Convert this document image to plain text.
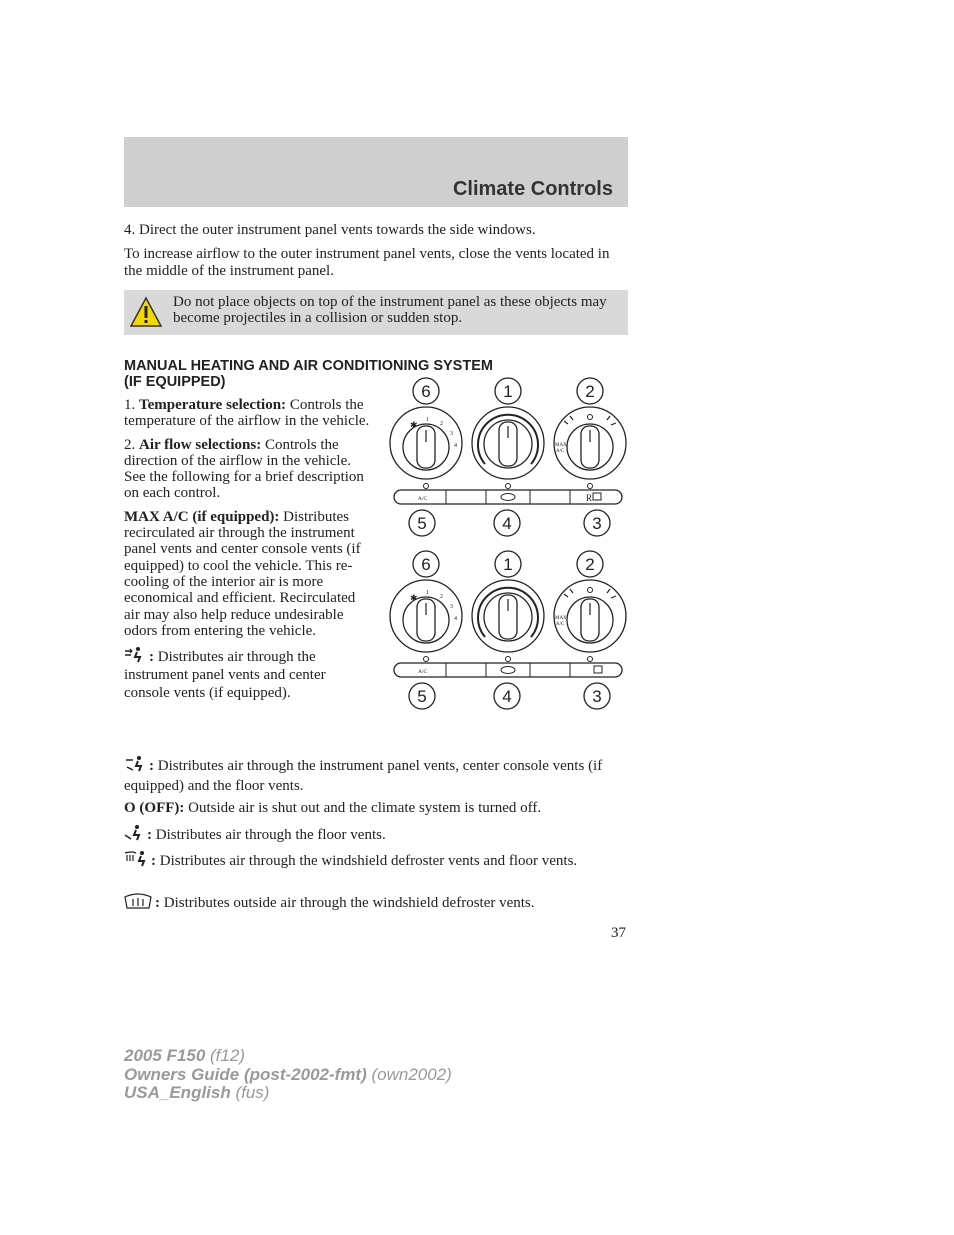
Climate Controls

4. Direct the outer instrument panel vents towards the side windows.

To increase airflow to the outer instrument panel vents, close the vents located in the middle of the instrument panel.

Do not place objects on top of the instrument panel as these objects may become projectiles in a collision or sudden stop.
MANUAL HEATING AND AIR CONDITIONING SYSTEM
(IF EQUIPPED)

1. Temperature selection: Controls the temperature of the airflow in the vehicle.

2. Air flow selections: Controls the direction of the airflow in the vehicle. See the following for a brief description on each control.

MAX A/C (if equipped): Distributes recirculated air through the instrument panel vents and center console vents (if equipped) to cool the vehicle. This re-cooling of the interior air is more economical and efficient. Recirculated air may also help reduce undesirable odors from entering the vehicle.

: Distributes air through the instrument panel vents and center console vents (if equipped).

6	1	2
✱ 1
2
3
4	MAX
A/C
A/C	R
5	4	3
6	1	2
✱ 1
2
3
4	MAX
A/C
A/C
5	4	3
: Distributes air through the instrument panel vents, center console vents (if equipped) and the floor vents.
O (OFF): Outside air is shut out and the climate system is turned off.
: Distributes air through the floor vents.
: Distributes air through the windshield defroster vents and floor vents.
: Distributes outside air through the windshield defroster vents.
37
2005 F150 (f12)
Owners Guide (post-2002-fmt) (own2002)
USA_English (fus)
